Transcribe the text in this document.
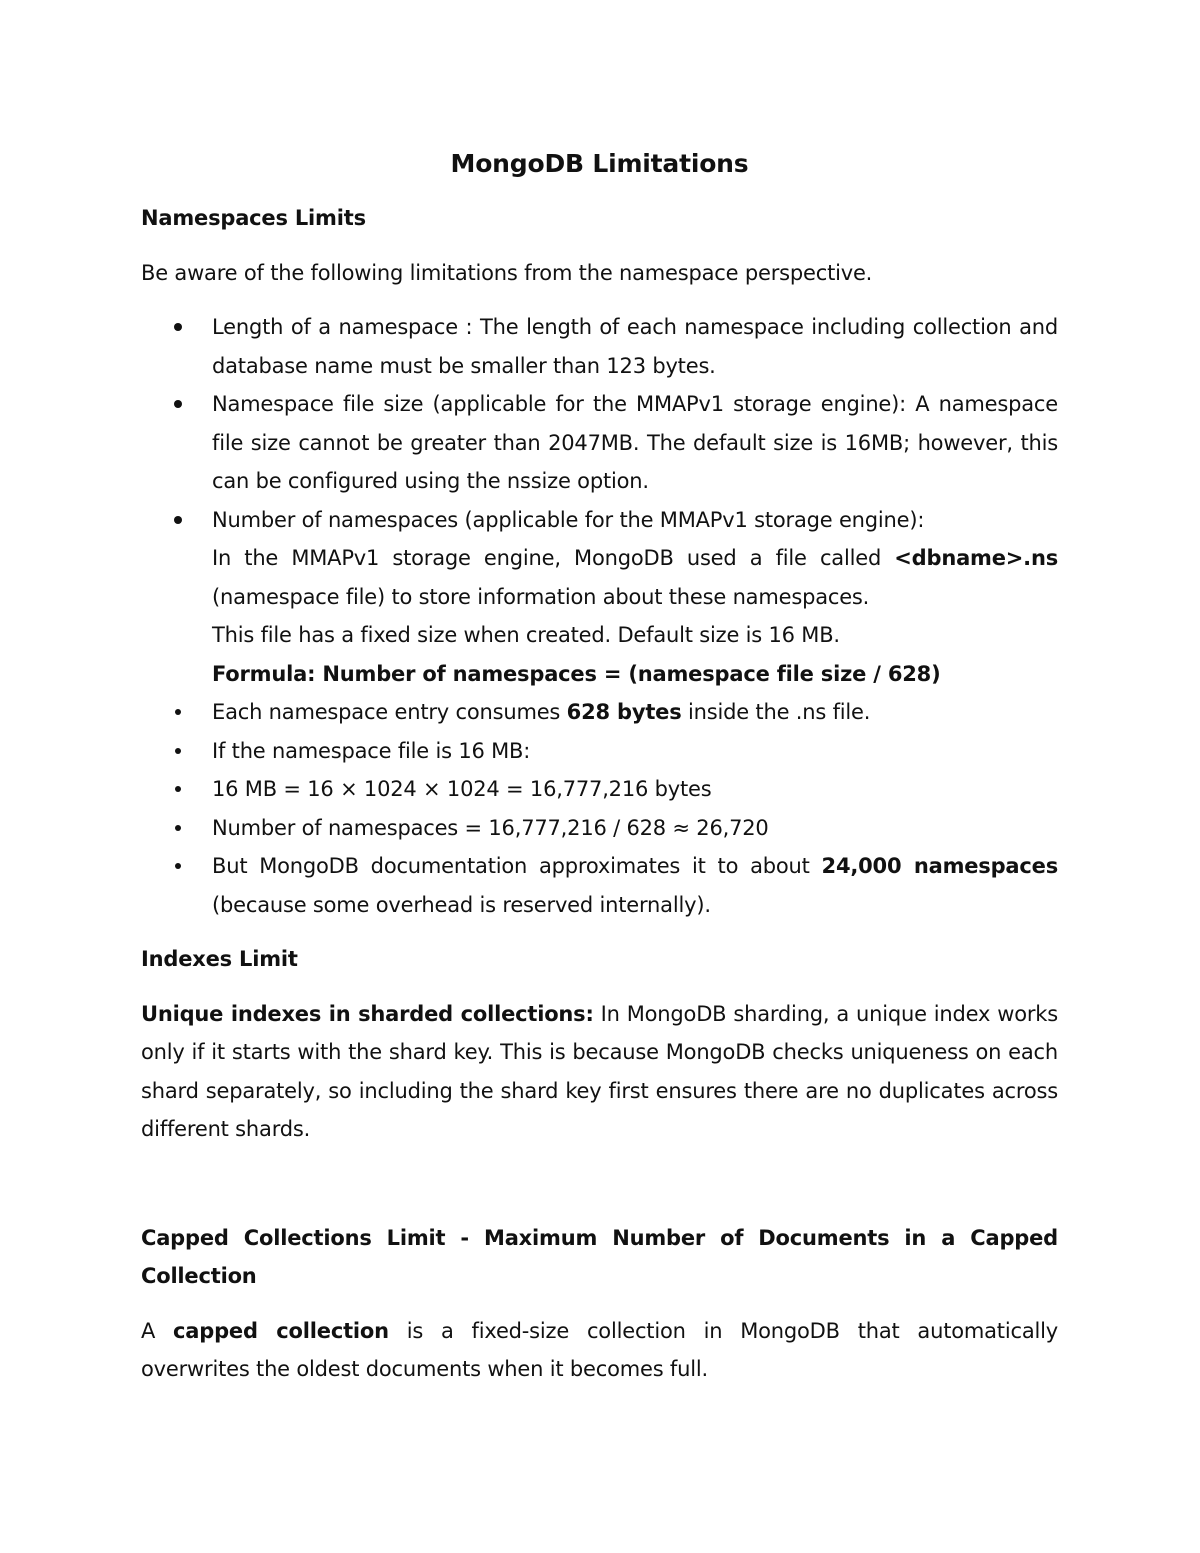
MongoDB Limitations

Namespaces Limits

Be aware of the following limitations from the namespace perspective.

Length of a namespace : The length of each namespace including collection and database name must be smaller than 123 bytes.
Namespace file size (applicable for the MMAPv1 storage engine): A namespace file size cannot be greater than 2047MB. The default size is 16MB; however, this can be configured using the nssize option.
Number of namespaces (applicable for the MMAPv1 storage engine):
In the MMAPv1 storage engine, MongoDB used a file called <dbname>.ns (namespace file) to store information about these namespaces.
This file has a fixed size when created. Default size is 16 MB.
Formula: Number of namespaces = (namespace file size / 628)
Each namespace entry consumes 628 bytes inside the .ns file.
If the namespace file is 16 MB:
16 MB = 16 × 1024 × 1024 = 16,777,216 bytes
Number of namespaces = 16,777,216 / 628 ≈ 26,720
But MongoDB documentation approximates it to about 24,000 namespaces (because some overhead is reserved internally).

Indexes Limit

Unique indexes in sharded collections: In MongoDB sharding, a unique index works only if it starts with the shard key. This is because MongoDB checks uniqueness on each shard separately, so including the shard key first ensures there are no duplicates across different shards.

Capped Collections Limit - Maximum Number of Documents in a Capped Collection

A capped collection is a fixed-size collection in MongoDB that automatically overwrites the oldest documents when it becomes full.
